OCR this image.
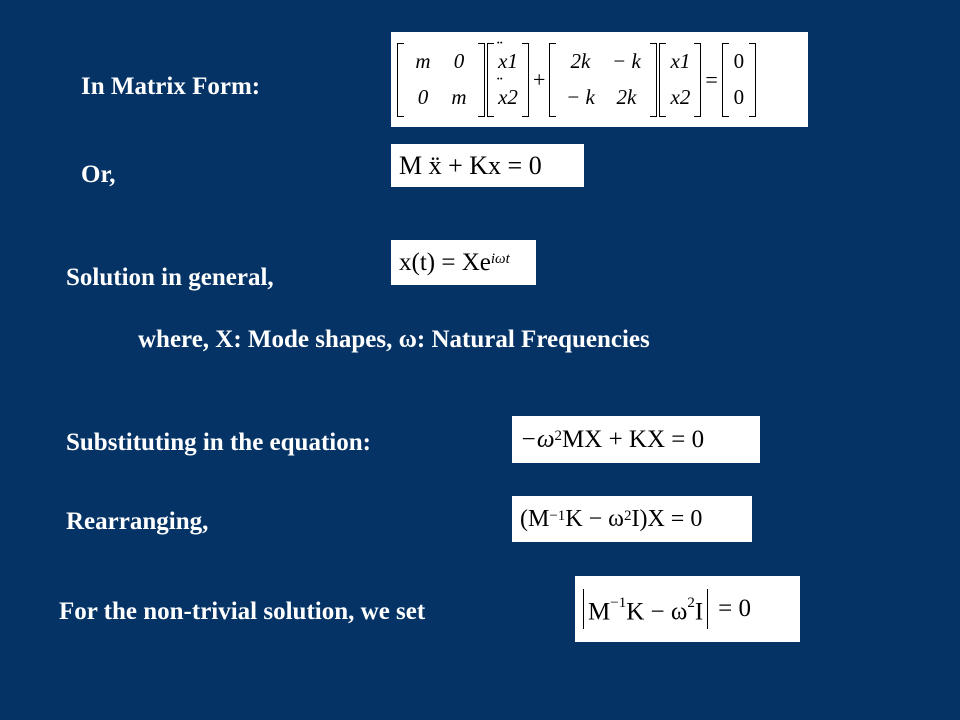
In Matrix Form:
Or,
Solution in general,
where, X: Mode shapes, ω: Natural Frequencies
Substituting in the equation:
Rearranging,
For the non-trivial solution, we set
m	0
0	m
·· x1
·· x2
+
2k	− k
− k	2k
x1
x2
=
0
0
M ẍ + Kx = 0
x(t) = Xe $^{i\omega t}$
$-\omega^2$ MX + KX = 0
($M^{-1}$ $K - \omega^2$ I)X = 0
$M^{-1}K - \omega^2I = 0$
